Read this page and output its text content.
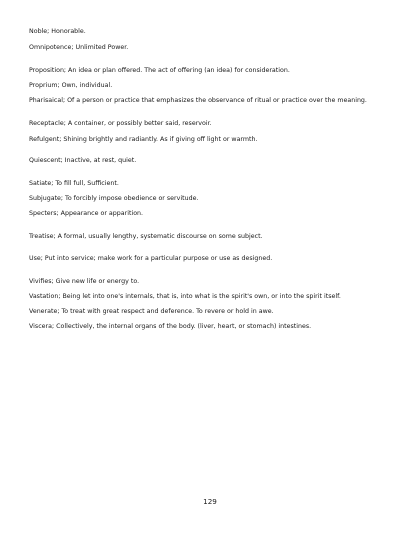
Noble; Honorable.
Omnipotence; Unlimited Power.
Proposition; An idea or plan offered. The act of offering (an idea) for consideration.
Proprium; Own, individual.
Pharisaical; Of a person or practice that emphasizes the observance of ritual or practice over the meaning.
Receptacle; A container, or possibly better said, reservoir.
Refulgent; Shining brightly and radiantly. As if giving off light or warmth.
Quiescent; Inactive, at rest, quiet.
Satiate; To fill full, Sufficient.
Subjugate; To forcibly impose obedience or servitude.
Specters; Appearance or apparition.
Treatise; A formal, usually lengthy, systematic discourse on some subject.
Use; Put into service; make work for a particular purpose or use as designed.
Vivifies; Give new life or energy to.
Vastation; Being let into one's internals, that is, into what is the spirit's own, or into the spirit itself.
Venerate; To treat with great respect and deference. To revere or hold in awe.
Viscera; Collectively, the internal organs of the body. (liver, heart, or stomach) intestines.
129
